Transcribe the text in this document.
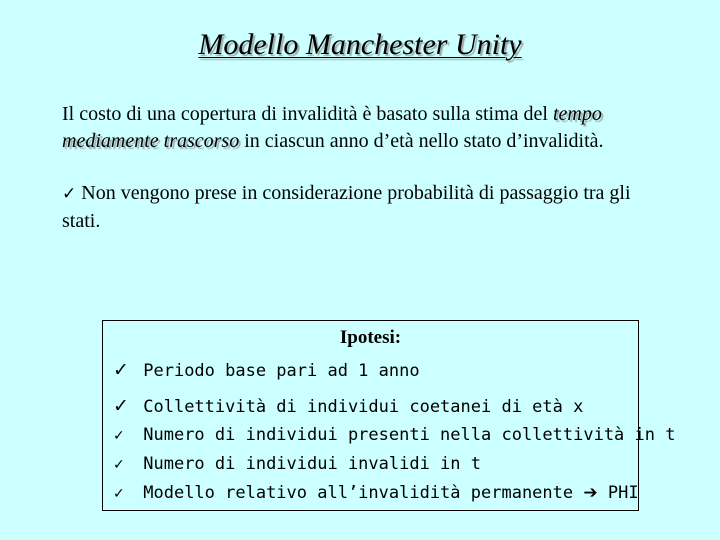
Modello Manchester Unity
Il costo di una copertura di invalidità è basato sulla stima del tempo mediamente trascorso in ciascun anno d’età nello stato d’invalidità.
✓ Non vengono prese in considerazione probabilità di passaggio tra gli stati.
Ipotesi:
✓ Periodo base pari ad 1 anno
✓ Collettività di individui coetanei di età x
✓ Numero di individui presenti nella collettività in t
✓ Numero di individui invalidi in t
✓ Modello relativo all’invalidità permanente ➔ PHI
